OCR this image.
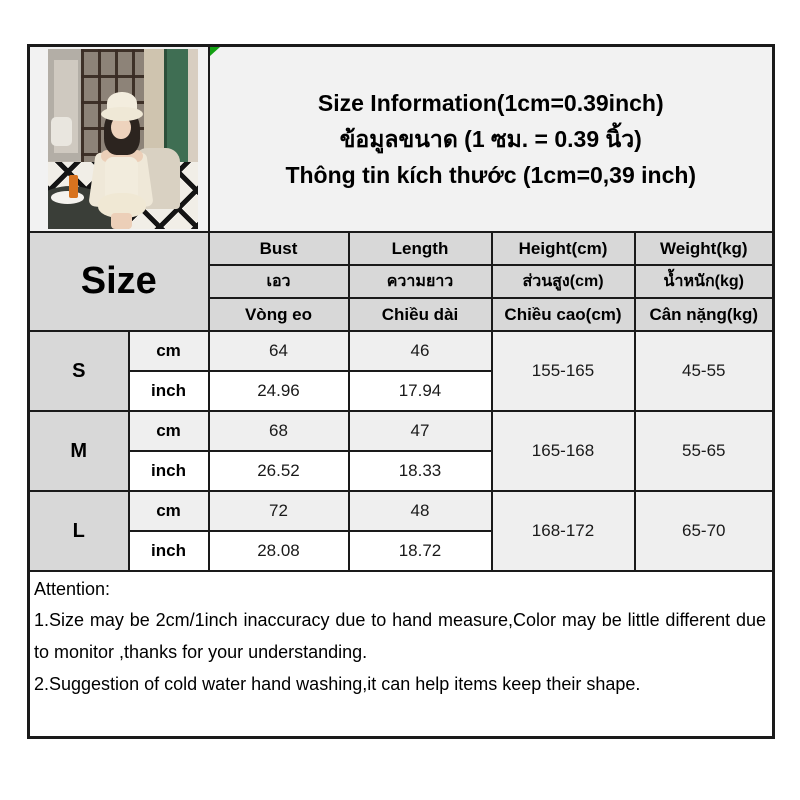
		Size Information(1cm=0.39inch)
ข้อมูลขนาด (1 ซม. = 0.39 นิ้ว)
Thông tin kích thước (1cm=0,39 inch)			

Size		Bust	Length	Height(cm)	Weight(kg)
		เอว	ความยาว	ส่วนสูง(cm)	น้ำหนัก(kg)
		Vòng eo	Chiều dài	Chiều cao(cm)	Cân nặng(kg)
S	cm	64	46	155-165	45-55
	inch	24.96	17.94		
M	cm	68	47	165-168	55-65
	inch	26.52	18.33		
L	cm	72	48	168-172	65-70
	inch	28.08	18.72		

Attention:
1.Size may be 2cm/1inch inaccuracy due to hand measure,Color may be little different due to monitor ,thanks for your understanding.
2.Suggestion of cold water hand washing,it can help items keep their shape.					
